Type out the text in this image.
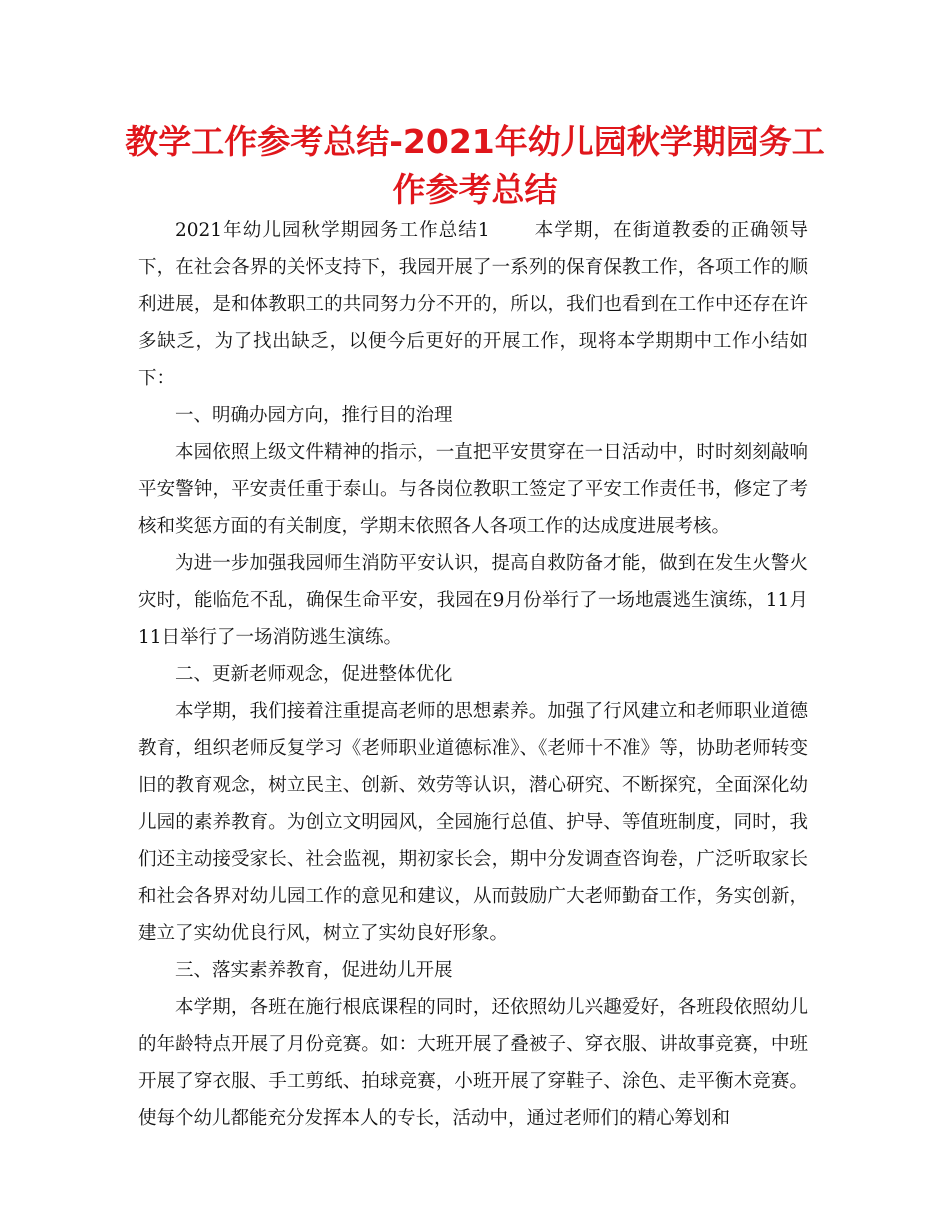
教学工作参考总结-2021年幼儿园秋学期园务工作参考总结

2021年幼儿园秋学期园务工作总结1 本学期，在街道教委的正确领导下，在社会各界的关怀支持下，我园开展了一系列的保育保教工作，各项工作的顺利进展，是和体教职工的共同努力分不开的，所以，我们也看到在工作中还存在许多缺乏，为了找出缺乏，以便今后更好的开展工作，现将本学期期中工作小结如下：

一、明确办园方向，推行目的治理

本园依照上级文件精神的指示，一直把平安贯穿在一日活动中，时时刻刻敲响平安警钟，平安责任重于泰山。与各岗位教职工签定了平安工作责任书，修定了考核和奖惩方面的有关制度，学期末依照各人各项工作的达成度进展考核。

为进一步加强我园师生消防平安认识，提高自救防备才能，做到在发生火警火灾时，能临危不乱，确保生命平安，我园在9月份举行了一场地震逃生演练，11月11日举行了一场消防逃生演练。

二、更新老师观念，促进整体优化

本学期，我们接着注重提高老师的思想素养。加强了行风建立和老师职业道德教育，组织老师反复学习《老师职业道德标准》、《老师十不准》等，协助老师转变旧的教育观念，树立民主、创新、效劳等认识，潜心研究、不断探究，全面深化幼儿园的素养教育。为创立文明园风，全园施行总值、护导、等值班制度，同时，我们还主动接受家长、社会监视，期初家长会，期中分发调查咨询卷，广泛听取家长和社会各界对幼儿园工作的意见和建议，从而鼓励广大老师勤奋工作，务实创新，建立了实幼优良行风，树立了实幼良好形象。

三、落实素养教育，促进幼儿开展

本学期，各班在施行根底课程的同时，还依照幼儿兴趣爱好，各班段依照幼儿的年龄特点开展了月份竞赛。如：大班开展了叠被子、穿衣服、讲故事竞赛，中班开展了穿衣服、手工剪纸、拍球竞赛，小班开展了穿鞋子、涂色、走平衡木竞赛。使每个幼儿都能充分发挥本人的专长，活动中，通过老师们的精心筹划和
